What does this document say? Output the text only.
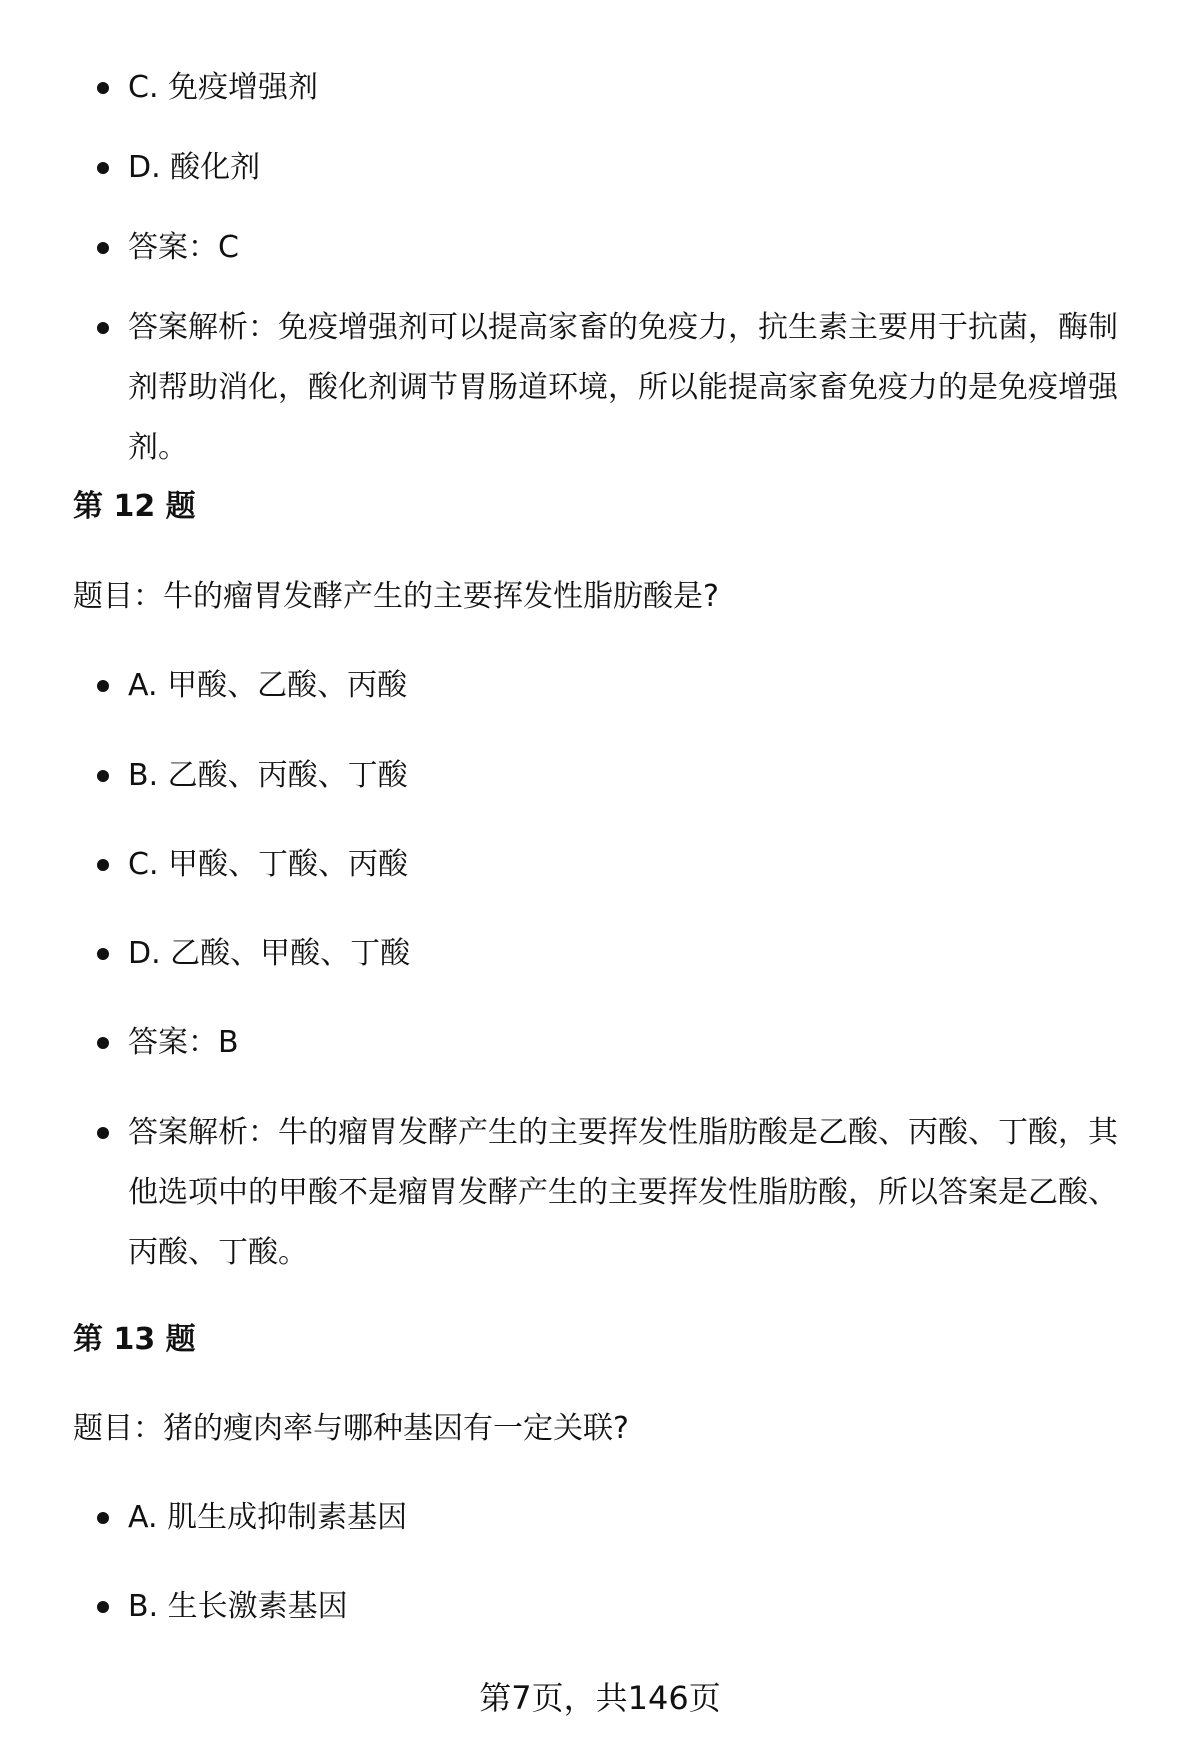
C. 免疫增强剂
D. 酸化剂
答案：C
答案解析：免疫增强剂可以提高家畜的免疫力，抗生素主要用于抗菌，酶制剂帮助消化，酸化剂调节胃肠道环境，所以能提高家畜免疫力的是免疫增强剂。
第 12 题
题目：牛的瘤胃发酵产生的主要挥发性脂肪酸是?
A. 甲酸、乙酸、丙酸
B. 乙酸、丙酸、丁酸
C. 甲酸、丁酸、丙酸
D. 乙酸、甲酸、丁酸
答案：B
答案解析：牛的瘤胃发酵产生的主要挥发性脂肪酸是乙酸、丙酸、丁酸，其他选项中的甲酸不是瘤胃发酵产生的主要挥发性脂肪酸，所以答案是乙酸、丙酸、丁酸。
第 13 题
题目：猪的瘦肉率与哪种基因有一定关联?
A. 肌生成抑制素基因
B. 生长激素基因
第7页，共146页
